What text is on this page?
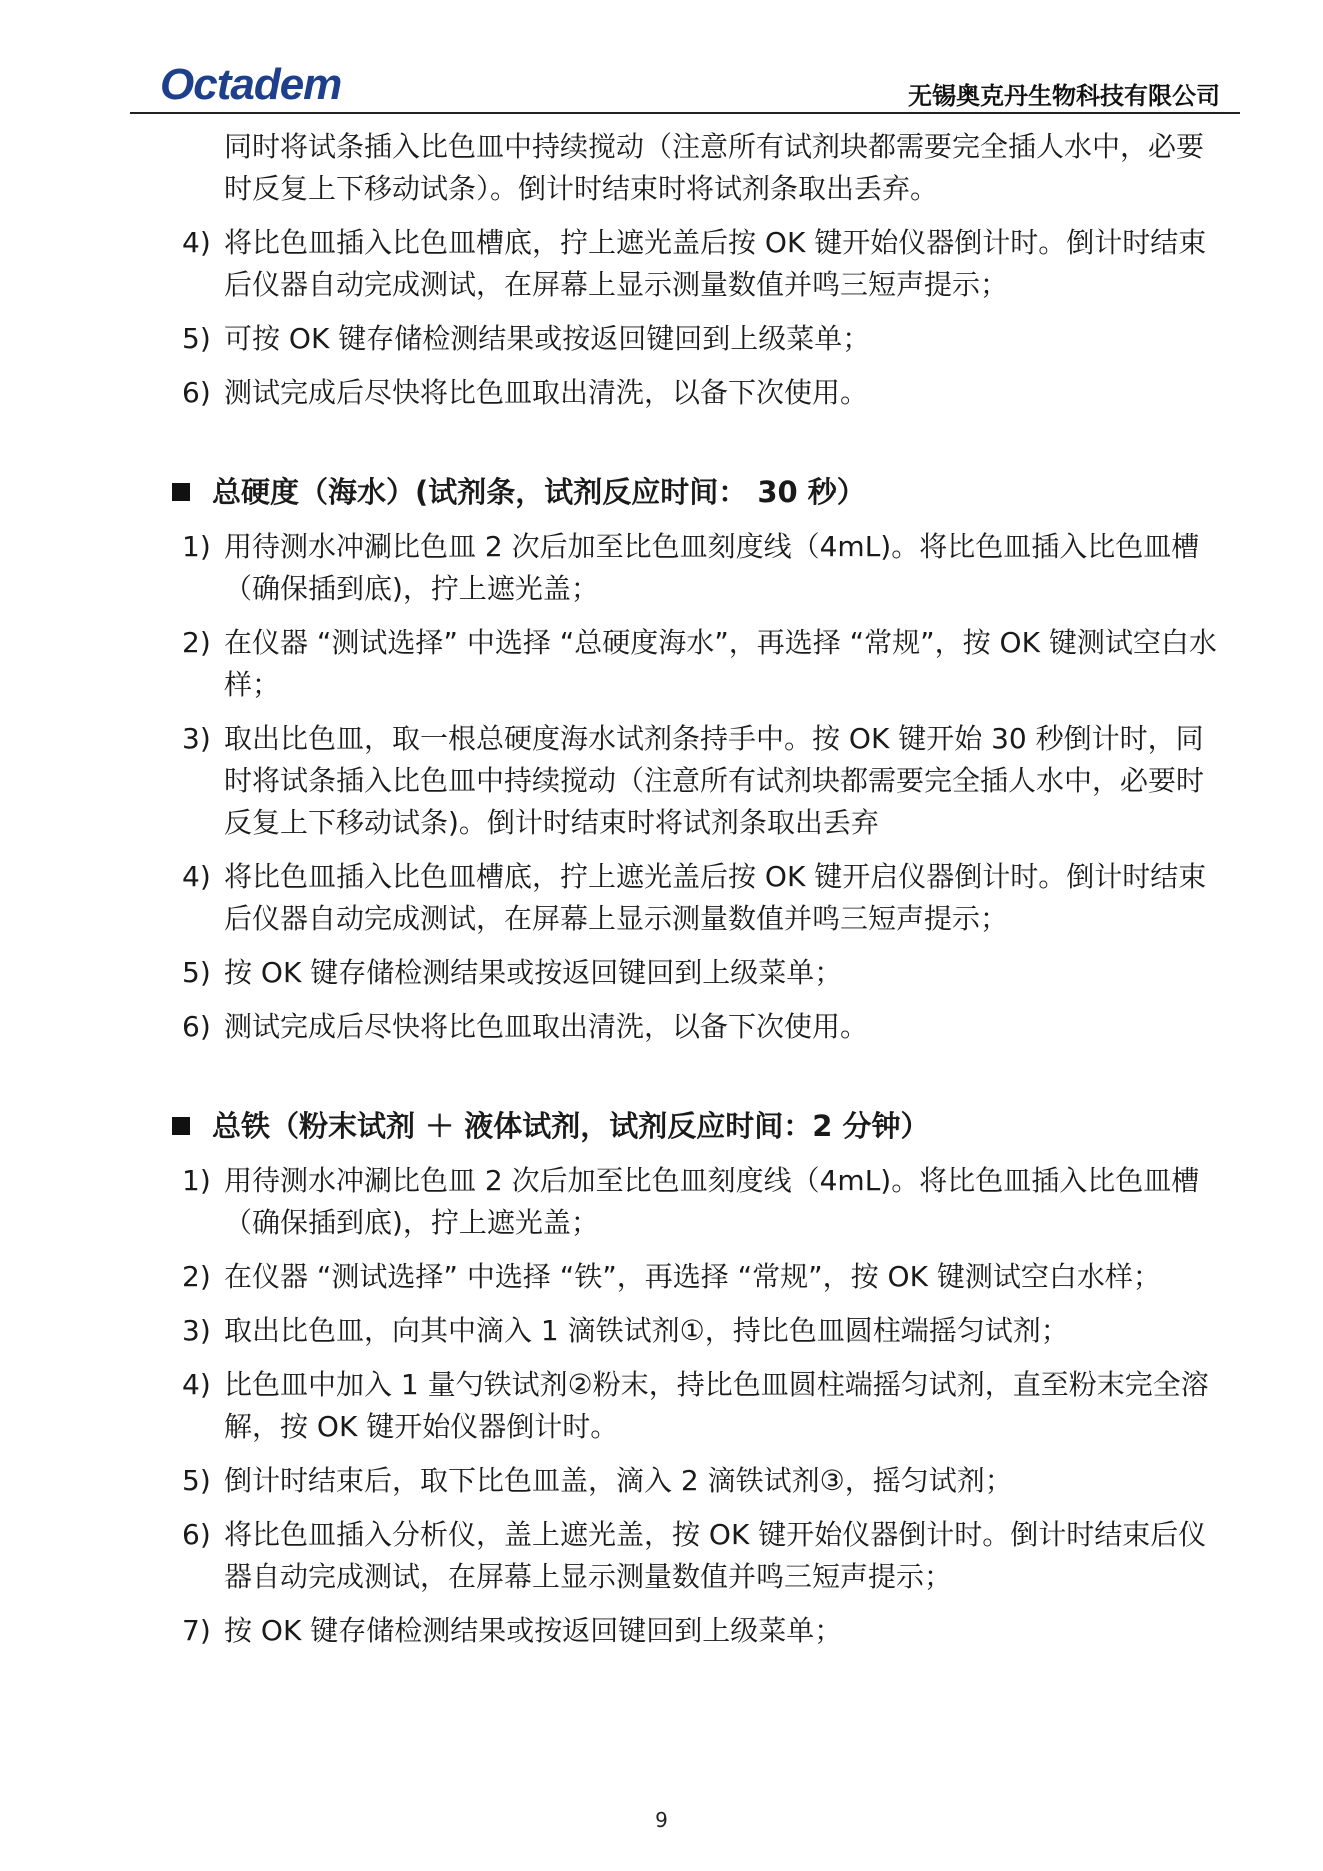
Octadem	无锡奥克丹生物科技有限公司

同时将试条插入比色皿中持续搅动（注意所有试剂块都需要完全插人水中，必要时反复上下移动试条）。倒计时结束时将试剂条取出丢弃。

4) 将比色皿插入比色皿槽底，拧上遮光盖后按 OK 键开始仪器倒计时。倒计时结束后仪器自动完成测试，在屏幕上显示测量数值并鸣三短声提示；
5) 可按 OK 键存储检测结果或按返回键回到上级菜单；
6) 测试完成后尽快将比色皿取出清洗，以备下次使用。
总硬度（海水）(试剂条，试剂反应时间： 30 秒）
1) 用待测水冲涮比色皿 2 次后加至比色皿刻度线（4mL)。将比色皿插入比色皿槽（确保插到底)，拧上遮光盖；
2) 在仪器 “测试选择” 中选择 “总硬度海水”，再选择 “常规”，按 OK 键测试空白水样；
3) 取出比色皿，取一根总硬度海水试剂条持手中。按 OK 键开始 30 秒倒计时，同时将试条插入比色皿中持续搅动（注意所有试剂块都需要完全插人水中，必要时反复上下移动试条)。倒计时结束时将试剂条取出丢弃
4) 将比色皿插入比色皿槽底，拧上遮光盖后按 OK 键开启仪器倒计时。倒计时结束后仪器自动完成测试，在屏幕上显示测量数值并鸣三短声提示；
5) 按 OK 键存储检测结果或按返回键回到上级菜单；
6) 测试完成后尽快将比色皿取出清洗，以备下次使用。
总铁（粉末试剂 ＋ 液体试剂，试剂反应时间：2 分钟）
1) 用待测水冲涮比色皿 2 次后加至比色皿刻度线（4mL)。将比色皿插入比色皿槽（确保插到底)，拧上遮光盖；
2) 在仪器 “测试选择” 中选择 “铁”，再选择 “常规”，按 OK 键测试空白水样；
3) 取出比色皿，向其中滴入 1 滴铁试剂①，持比色皿圆柱端摇匀试剂；
4) 比色皿中加入 1 量勺铁试剂②粉末，持比色皿圆柱端摇匀试剂，直至粉末完全溶解，按 OK 键开始仪器倒计时。
5) 倒计时结束后，取下比色皿盖，滴入 2 滴铁试剂③，摇匀试剂；
6) 将比色皿插入分析仪，盖上遮光盖，按 OK 键开始仪器倒计时。倒计时结束后仪器自动完成测试，在屏幕上显示测量数值并鸣三短声提示；
7) 按 OK 键存储检测结果或按返回键回到上级菜单；
9
